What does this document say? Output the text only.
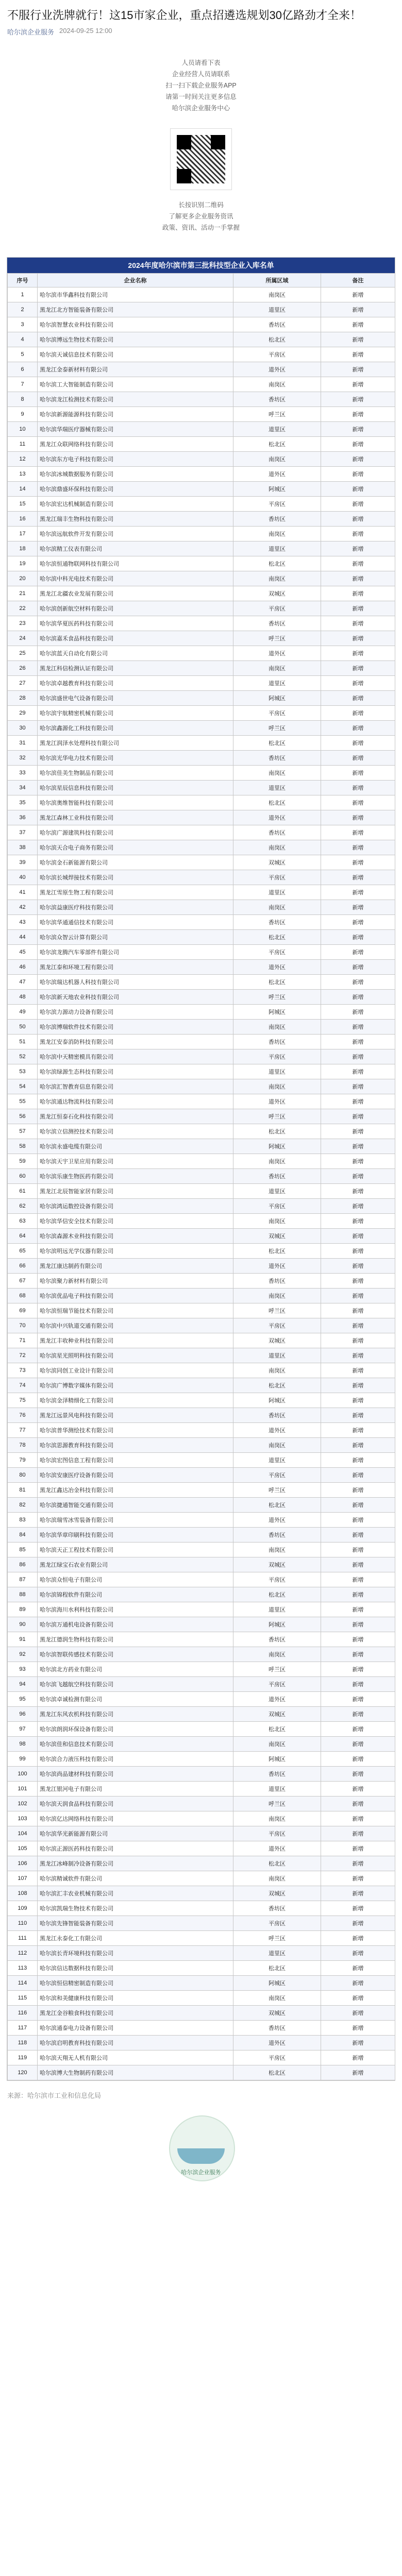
不服行业洗牌就行！这15市家企业，重点招遴选规划30亿路劲才全来！
哈尔滨企业服务 2024-09-25 12:00

人员请看下表

企业经营人员请联系

扫一扫下载企业服务APP

请第一时间关注更多信息

哈尔滨企业服务中心

长按识别二维码

了解更多企业服务资讯

政策、资讯、活动一手掌握

2024年度哈尔滨市第三批科技型企业入库名单
序号	企业名称	所属区域	备注
1	哈尔滨市华鑫科技有限公司	南岗区	新增
2	黑龙江北方智能装备有限公司	道里区	新增
3	哈尔滨智慧农业科技有限公司	香坊区	新增
4	哈尔滨博远生物技术有限公司	松北区	新增
5	哈尔滨天诚信息技术有限公司	平房区	新增
6	黑龙江金泰新材料有限公司	道外区	新增
7	哈尔滨工大智能制造有限公司	南岗区	新增
8	哈尔滨龙江检测技术有限公司	香坊区	新增
9	哈尔滨新源能源科技有限公司	呼兰区	新增
10	哈尔滨华瑞医疗器械有限公司	道里区	新增
11	黑龙江众联网络科技有限公司	松北区	新增
12	哈尔滨东方电子科技有限公司	南岗区	新增
13	哈尔滨冰城数据服务有限公司	道外区	新增
14	哈尔滨鼎盛环保科技有限公司	阿城区	新增
15	哈尔滨宏达机械制造有限公司	平房区	新增
16	黑龙江瑞丰生物科技有限公司	香坊区	新增
17	哈尔滨远航软件开发有限公司	南岗区	新增
18	哈尔滨精工仪表有限公司	道里区	新增
19	哈尔滨恒通物联网科技有限公司	松北区	新增
20	哈尔滨中科光电技术有限公司	南岗区	新增
21	黑龙江北疆农业发展有限公司	双城区	新增
22	哈尔滨创新航空材料有限公司	平房区	新增
23	哈尔滨华夏医药科技有限公司	香坊区	新增
24	哈尔滨嘉禾食品科技有限公司	呼兰区	新增
25	哈尔滨蓝天自动化有限公司	道外区	新增
26	黑龙江科信检测认证有限公司	南岗区	新增
27	哈尔滨卓越教育科技有限公司	道里区	新增
28	哈尔滨盛世电气设备有限公司	阿城区	新增
29	哈尔滨宇航精密机械有限公司	平房区	新增
30	哈尔滨鑫源化工科技有限公司	呼兰区	新增
31	黑龙江润泽水处理科技有限公司	松北区	新增
32	哈尔滨光华电力技术有限公司	香坊区	新增
33	哈尔滨佳美生物制品有限公司	南岗区	新增
34	哈尔滨星辰信息科技有限公司	道里区	新增
35	哈尔滨奥维智能科技有限公司	松北区	新增
36	黑龙江森林工业科技有限公司	道外区	新增
37	哈尔滨广源建筑科技有限公司	香坊区	新增
38	哈尔滨天合电子商务有限公司	南岗区	新增
39	哈尔滨金石新能源有限公司	双城区	新增
40	哈尔滨长城焊接技术有限公司	平房区	新增
41	黑龙江雪原生物工程有限公司	道里区	新增
42	哈尔滨益康医疗科技有限公司	南岗区	新增
43	哈尔滨华通通信技术有限公司	香坊区	新增
44	哈尔滨众智云计算有限公司	松北区	新增
45	哈尔滨龙腾汽车零部件有限公司	平房区	新增
46	黑龙江泰和环境工程有限公司	道外区	新增
47	哈尔滨瑞达机器人科技有限公司	松北区	新增
48	哈尔滨新天地农业科技有限公司	呼兰区	新增
49	哈尔滨力源动力设备有限公司	阿城区	新增
50	哈尔滨博瑞软件技术有限公司	南岗区	新增
51	黑龙江安泰消防科技有限公司	香坊区	新增
52	哈尔滨中天精密模具有限公司	平房区	新增
53	哈尔滨绿源生态科技有限公司	道里区	新增
54	哈尔滨汇智教育信息有限公司	南岗区	新增
55	哈尔滨通达物流科技有限公司	道外区	新增
56	黑龙江恒泰石化科技有限公司	呼兰区	新增
57	哈尔滨立信测控技术有限公司	松北区	新增
58	哈尔滨永盛电缆有限公司	阿城区	新增
59	哈尔滨天宇卫星应用有限公司	南岗区	新增
60	哈尔滨乐康生物医药有限公司	香坊区	新增
61	黑龙江北辰智能家居有限公司	道里区	新增
62	哈尔滨鸿运数控设备有限公司	平房区	新增
63	哈尔滨华信安全技术有限公司	南岗区	新增
64	哈尔滨森源木业科技有限公司	双城区	新增
65	哈尔滨明远光学仪器有限公司	松北区	新增
66	黑龙江康达制药有限公司	道外区	新增
67	哈尔滨聚力新材料有限公司	香坊区	新增
68	哈尔滨优品电子科技有限公司	南岗区	新增
69	哈尔滨恒瑞节能技术有限公司	呼兰区	新增
70	哈尔滨中兴轨道交通有限公司	平房区	新增
71	黑龙江丰收种业科技有限公司	双城区	新增
72	哈尔滨星光照明科技有限公司	道里区	新增
73	哈尔滨同创工业设计有限公司	南岗区	新增
74	哈尔滨广博数字媒体有限公司	松北区	新增
75	哈尔滨金泽精细化工有限公司	阿城区	新增
76	黑龙江远景风电科技有限公司	香坊区	新增
77	哈尔滨普华测绘技术有限公司	道外区	新增
78	哈尔滨思源教育科技有限公司	南岗区	新增
79	哈尔滨宏图信息工程有限公司	道里区	新增
80	哈尔滨安康医疗设备有限公司	平房区	新增
81	黑龙江鑫达冶金科技有限公司	呼兰区	新增
82	哈尔滨捷通智能交通有限公司	松北区	新增
83	哈尔滨瑞雪冰雪装备有限公司	道外区	新增
84	哈尔滨华章印刷科技有限公司	香坊区	新增
85	哈尔滨天正工程技术有限公司	南岗区	新增
86	黑龙江绿宝石农业有限公司	双城区	新增
87	哈尔滨众恒电子有限公司	平房区	新增
88	哈尔滨锦程软件有限公司	松北区	新增
89	哈尔滨海川水利科技有限公司	道里区	新增
90	哈尔滨万通机电设备有限公司	阿城区	新增
91	黑龙江德润生物科技有限公司	香坊区	新增
92	哈尔滨智联传感技术有限公司	南岗区	新增
93	哈尔滨北方药业有限公司	呼兰区	新增
94	哈尔滨飞越航空科技有限公司	平房区	新增
95	哈尔滨卓诚检测有限公司	道外区	新增
96	黑龙江东风农机科技有限公司	双城区	新增
97	哈尔滨朗润环保设备有限公司	松北区	新增
98	哈尔滨佳和信息技术有限公司	南岗区	新增
99	哈尔滨合力液压科技有限公司	阿城区	新增
100	哈尔滨尚品建材科技有限公司	香坊区	新增
101	黑龙江银河电子有限公司	道里区	新增
102	哈尔滨天润食品科技有限公司	呼兰区	新增
103	哈尔滨亿达网络科技有限公司	南岗区	新增
104	哈尔滨华光新能源有限公司	平房区	新增
105	哈尔滨正源医药科技有限公司	道外区	新增
106	黑龙江冰峰制冷设备有限公司	松北区	新增
107	哈尔滨精诚软件有限公司	南岗区	新增
108	哈尔滨汇丰农业机械有限公司	双城区	新增
109	哈尔滨凯瑞生物技术有限公司	香坊区	新增
110	哈尔滨先锋智能装备有限公司	平房区	新增
111	黑龙江永泰化工有限公司	呼兰区	新增
112	哈尔滨长青环境科技有限公司	道里区	新增
113	哈尔滨信达数据科技有限公司	松北区	新增
114	哈尔滨恒信精密制造有限公司	阿城区	新增
115	哈尔滨和美健康科技有限公司	南岗区	新增
116	黑龙江金谷粮食科技有限公司	双城区	新增
117	哈尔滨通泰电力设备有限公司	香坊区	新增
118	哈尔滨启明教育科技有限公司	道外区	新增
119	哈尔滨天翔无人机有限公司	平房区	新增
120	哈尔滨博大生物制药有限公司	松北区	新增
来源：哈尔滨市工业和信息化局
哈尔滨企业服务
